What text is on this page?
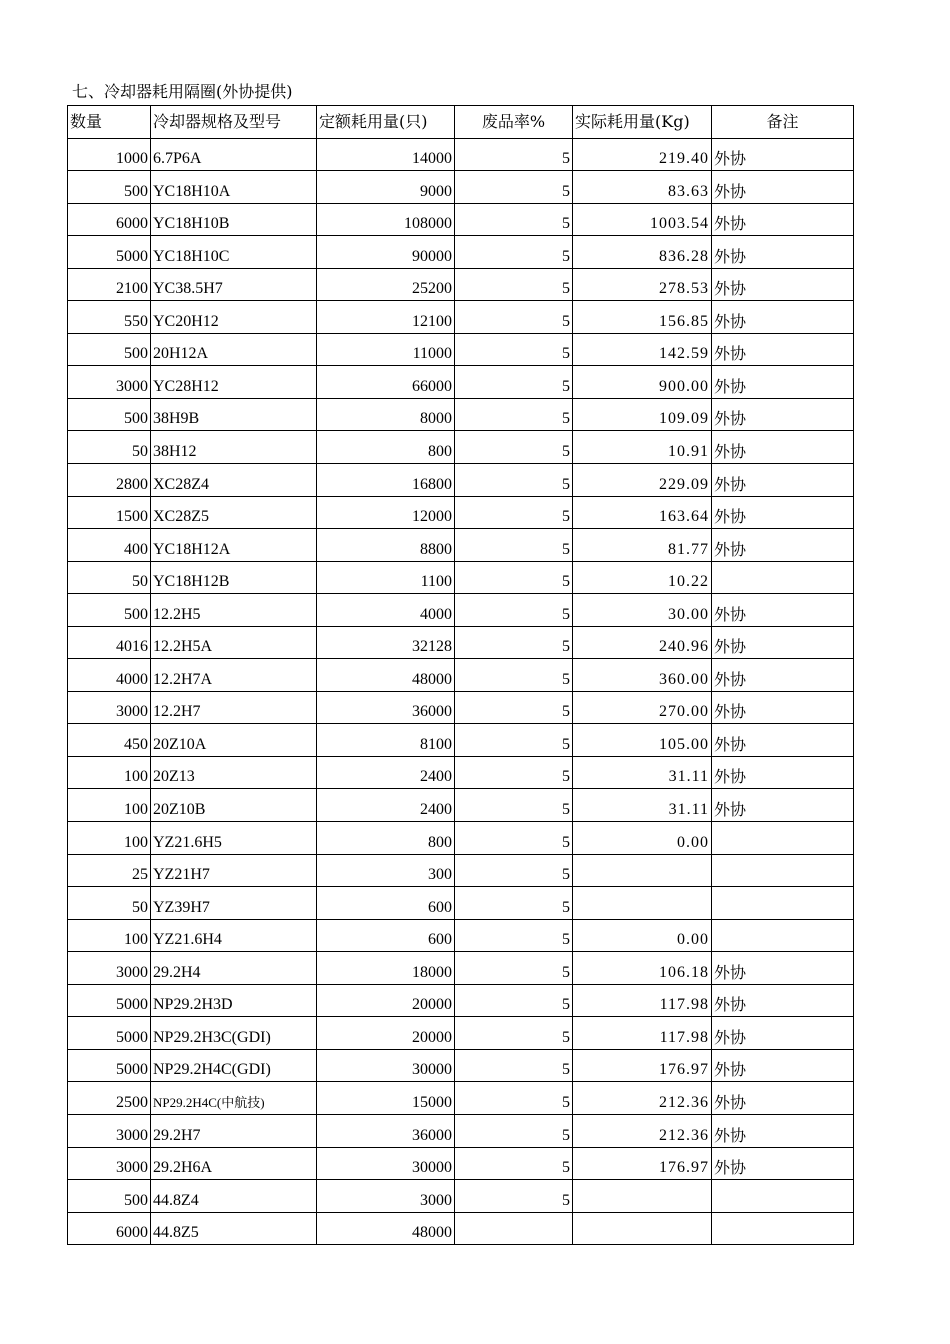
七、冷却器耗用隔圈(外协提供)
数量	冷却器规格及型号	定额耗用量(只)	废品率%	实际耗用量(Kg)	备注
1000	6.7P6A	14000	5	219.40	外协
500	YC18H10A	9000	5	83.63	外协
6000	YC18H10B	108000	5	1003.54	外协
5000	YC18H10C	90000	5	836.28	外协
2100	YC38.5H7	25200	5	278.53	外协
550	YC20H12	12100	5	156.85	外协
500	20H12A	11000	5	142.59	外协
3000	YC28H12	66000	5	900.00	外协
500	38H9B	8000	5	109.09	外协
50	38H12	800	5	10.91	外协
2800	XC28Z4	16800	5	229.09	外协
1500	XC28Z5	12000	5	163.64	外协
400	YC18H12A	8800	5	81.77	外协
50	YC18H12B	1100	5	10.22	
500	12.2H5	4000	5	30.00	外协
4016	12.2H5A	32128	5	240.96	外协
4000	12.2H7A	48000	5	360.00	外协
3000	12.2H7	36000	5	270.00	外协
450	20Z10A	8100	5	105.00	外协
100	20Z13	2400	5	31.11	外协
100	20Z10B	2400	5	31.11	外协
100	YZ21.6H5	800	5	0.00	
25	YZ21H7	300	5		
50	YZ39H7	600	5		
100	YZ21.6H4	600	5	0.00	
3000	29.2H4	18000	5	106.18	外协
5000	NP29.2H3D	20000	5	117.98	外协
5000	NP29.2H3C(GDI)	20000	5	117.98	外协
5000	NP29.2H4C(GDI)	30000	5	176.97	外协
2500	NP29.2H4C(中航技)	15000	5	212.36	外协
3000	29.2H7	36000	5	212.36	外协
3000	29.2H6A	30000	5	176.97	外协
500	44.8Z4	3000	5		
6000	44.8Z5	48000			
